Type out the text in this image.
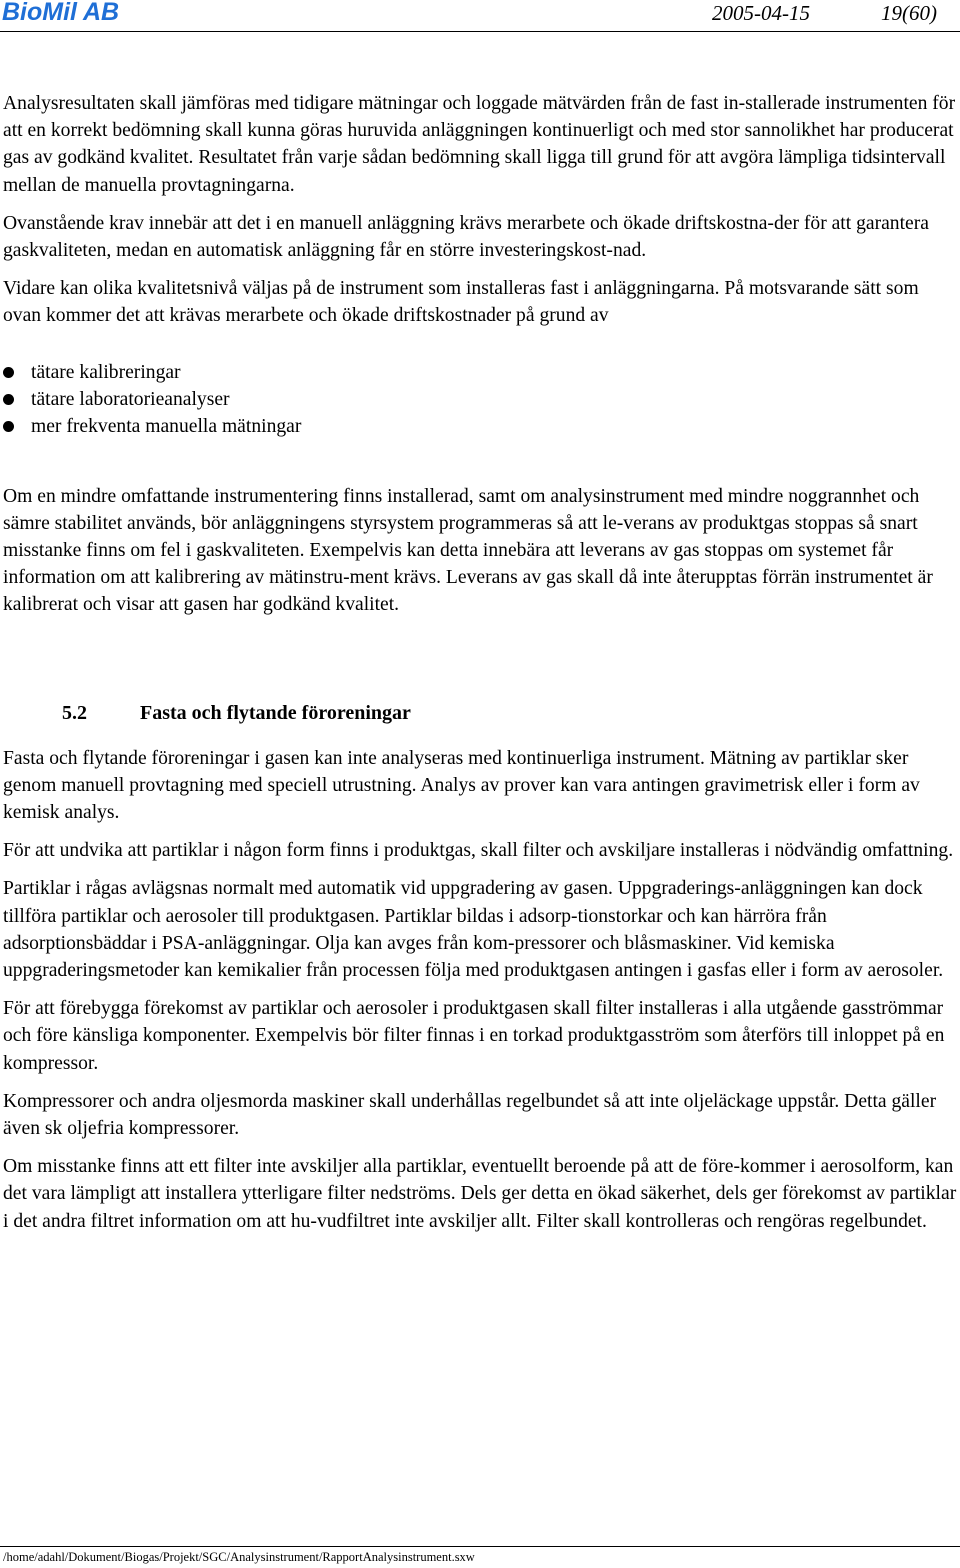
BioMil AB	2005-04-15	19(60)

Analysresultaten skall jämföras med tidigare mätningar och loggade mätvärden från de fast in-stallerade instrumenten för att en korrekt bedömning skall kunna göras huruvida anläggningen kontinuerligt och med stor sannolikhet har producerat gas av godkänd kvalitet. Resultatet från varje sådan bedömning skall ligga till grund för att avgöra lämpliga tidsintervall mellan de manuella provtagningarna.

Ovanstående krav innebär att det i en manuell anläggning krävs merarbete och ökade driftskostna-der för att garantera gaskvaliteten, medan en automatisk anläggning får en större investeringskost-nad.

Vidare kan olika kvalitetsnivå väljas på de instrument som installeras fast i anläggningarna. På motsvarande sätt som ovan kommer det att krävas merarbete och ökade driftskostnader på grund av

tätare kalibreringar
tätare laboratorieanalyser
mer frekventa manuella mätningar

Om en mindre omfattande instrumentering finns installerad, samt om analysinstrument med mindre noggrannhet och sämre stabilitet används, bör anläggningens styrsystem programmeras så att le-verans av produktgas stoppas så snart misstanke finns om fel i gaskvaliteten. Exempelvis kan detta innebära att leverans av gas stoppas om systemet får information om att kalibrering av mätinstru-ment krävs. Leverans av gas skall då inte återupptas förrän instrumentet är kalibrerat och visar att gasen har godkänd kvalitet.

5.2	Fasta och flytande föroreningar

Fasta och flytande föroreningar i gasen kan inte analyseras med kontinuerliga instrument. Mätning av partiklar sker genom manuell provtagning med speciell utrustning. Analys av prover kan vara antingen gravimetrisk eller i form av kemisk analys.

För att undvika att partiklar i någon form finns i produktgas, skall filter och avskiljare installeras i nödvändig omfattning.

Partiklar i rågas avlägsnas normalt med automatik vid uppgradering av gasen. Uppgraderings-anläggningen kan dock tillföra partiklar och aerosoler till produktgasen. Partiklar bildas i adsorp-tionstorkar och kan härröra från adsorptionsbäddar i PSA-anläggningar. Olja kan avges från kom-pressorer och blåsmaskiner. Vid kemiska uppgraderingsmetoder kan kemikalier från processen följa med produktgasen antingen i gasfas eller i form av aerosoler.

För att förebygga förekomst av partiklar och aerosoler i produktgasen skall filter installeras i alla utgående gasströmmar och före känsliga komponenter. Exempelvis bör filter finnas i en torkad produktgasström som återförs till inloppet på en kompressor.

Kompressorer och andra oljesmorda maskiner skall underhållas regelbundet så att inte oljeläckage uppstår. Detta gäller även sk oljefria kompressorer.

Om misstanke finns att ett filter inte avskiljer alla partiklar, eventuellt beroende på att de före-kommer i aerosolform, kan det vara lämpligt att installera ytterligare filter nedströms. Dels ger detta en ökad säkerhet, dels ger förekomst av partiklar i det andra filtret information om att hu-vudfiltret inte avskiljer allt. Filter skall kontrolleras och rengöras regelbundet.

/home/adahl/Dokument/Biogas/Projekt/SGC/Analysinstrument/RapportAnalysinstrument.sxw
